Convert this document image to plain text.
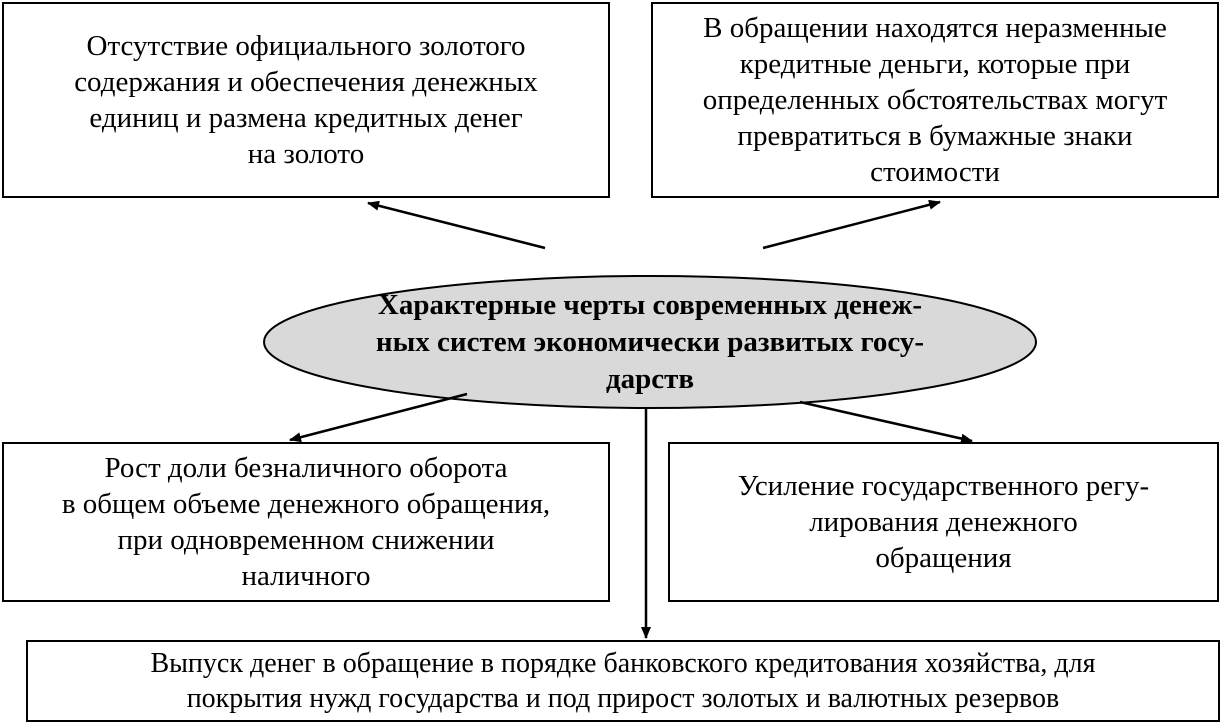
Отсутствие официального золотого
содержания и обеспечения денежных
единиц и размена кредитных денег
на золото
В обращении находятся неразменные
кредитные деньги, которые при
определенных обстоятельствах могут
превратиться в бумажные знаки
стоимости
Характерные черты современных денеж-
ных систем экономически развитых госу-
дарств
Рост доли безналичного оборота
в общем объеме денежного обращения,
при одновременном снижении
наличного
Усиление государственного регу-
лирования денежного
обращения
Выпуск денег в обращение в порядке банковского кредитования хозяйства, для
покрытия нужд государства и под прирост золотых и валютных резервов
